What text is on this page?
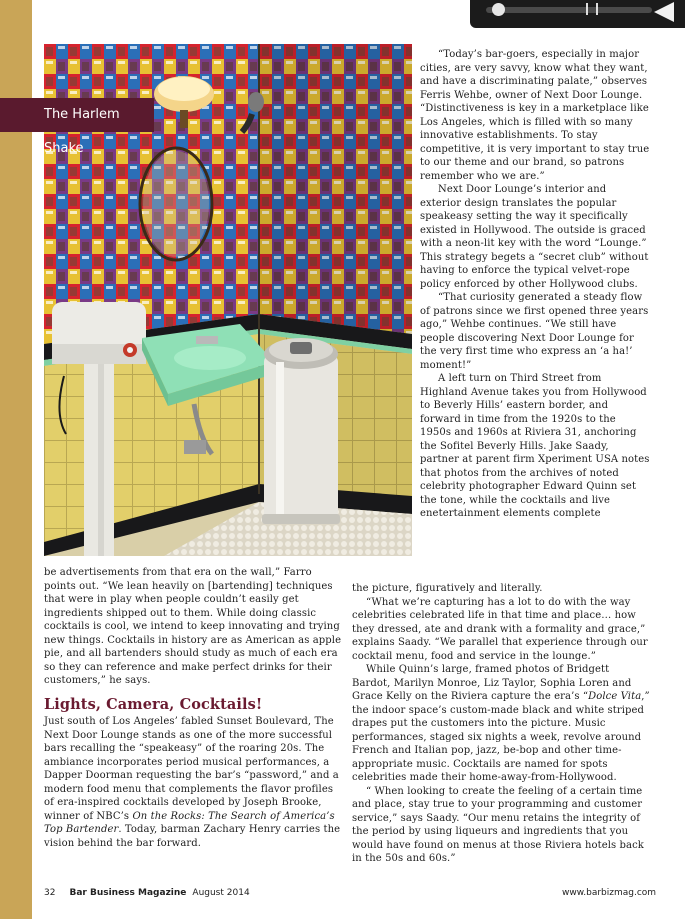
The Harlem Shake

“Today’s bar-goers, especially in major cities, are very savvy, know what they want, and have a discriminating palate,” observes Ferris Wehbe, owner of Next Door Lounge. “Distinctiveness is key in a marketplace like Los Angeles, which is filled with so many innovative establishments. To stay competitive, it is very important to stay true to our theme and our brand, so patrons remember who we are.”

Next Door Lounge’s interior and exterior design translates the popular speakeasy setting the way it specifically existed in Hollywood. The outside is graced with a neon-lit key with the word “Lounge.” This strategy begets a “secret club” without having to enforce the typical velvet-rope policy enforced by other Hollywood clubs.

“That curiosity generated a steady flow of patrons since we first opened three years ago,” Wehbe continues. “We still have people discovering Next Door Lounge for the very first time who express an ‘a ha!’ moment!”

A left turn on Third Street from Highland Avenue takes you from Hollywood to Beverly Hills’ eastern border, and forward in time from the 1920s to the 1950s and 1960s at Riviera 31, anchoring the Sofitel Beverly Hills. Jake Saady, partner at parent firm Xperiment USA notes that photos from the archives of noted celebrity photographer Edward Quinn set the tone, while the cocktails and live enetertainment elements complete

the picture, figuratively and literally.

“What we’re capturing has a lot to do with the way celebrities celebrated life in that time and place… how they dressed, ate and drank with a formality and grace,” explains Saady. “We parallel that experience through our cocktail menu, food and service in the lounge.”

While Quinn’s large, framed photos of Bridgett Bardot, Marilyn Monroe, Liz Taylor, Sophia Loren and Grace Kelly on the Riviera capture the era’s “Dolce Vita,” the indoor space’s custom-made black and white striped drapes put the customers into the picture. Music performances, staged six nights a week, revolve around French and Italian pop, jazz, be-bop and other time-appropriate music. Cocktails are named for spots celebrities made their home-away-from-Hollywood.

“ When looking to create the feeling of a certain time and place, stay true to your programming and customer service,” says Saady. “Our menu retains the integrity of the period by using liqueurs and ingredients that you would have found on menus at those Riviera hotels back in the 50s and 60s.”

be advertisements from that era on the wall,” Farro points out. “We lean heavily on [bartending] techniques that were in play when people couldn’t easily get ingredients shipped out to them. While doing classic cocktails is cool, we intend to keep innovating and trying new things. Cocktails in history are as American as apple pie, and all bartenders should study as much of each era so they can reference and make perfect drinks for their customers,” he says.

Lights, Camera, Cocktails!

Just south of Los Angeles’ fabled Sunset Boulevard, The Next Door Lounge stands as one of the more successful bars recalling the “speakeasy” of the roaring 20s. The ambiance incorporates period musical performances, a Dapper Doorman requesting the bar’s “password,” and a modern food menu that complements the flavor profiles of era-inspired cocktails developed by Joseph Brooke, winner of NBC’s On the Rocks: The Search of America’s Top Bartender. Today, barman Zachary Henry carries the vision behind the bar forward.

32 Bar Business Magazine August 2014	www.barbizmag.com
